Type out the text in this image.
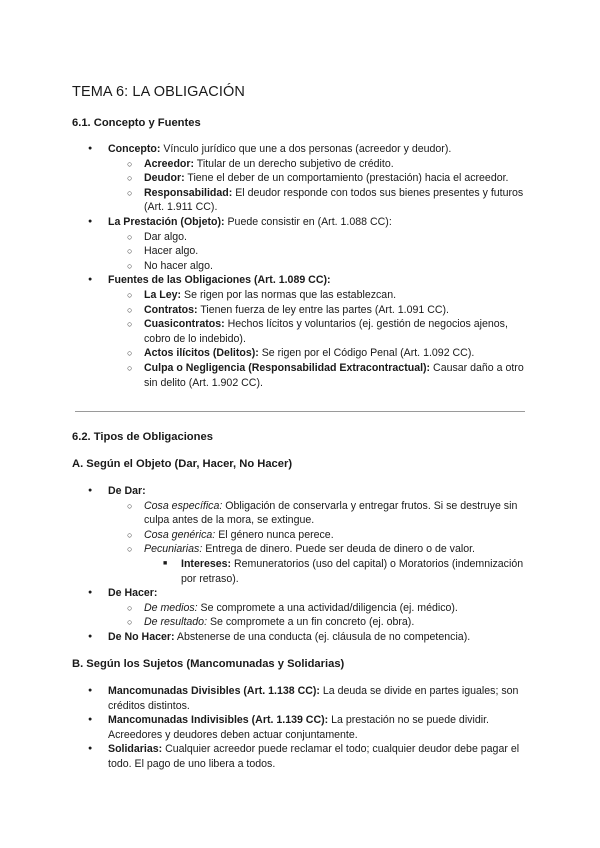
TEMA 6: LA OBLIGACIÓN
6.1. Concepto y Fuentes
● Concepto: Vínculo jurídico que une a dos personas (acreedor y deudor).
○ Acreedor: Titular de un derecho subjetivo de crédito.
○ Deudor: Tiene el deber de un comportamiento (prestación) hacia el acreedor.
○ Responsabilidad: El deudor responde con todos sus bienes presentes y futuros (Art. 1.911 CC).
● La Prestación (Objeto): Puede consistir en (Art. 1.088 CC):
○ Dar algo.
○ Hacer algo.
○ No hacer algo.
● Fuentes de las Obligaciones (Art. 1.089 CC):
○ La Ley: Se rigen por las normas que las establezcan.
○ Contratos: Tienen fuerza de ley entre las partes (Art. 1.091 CC).
○ Cuasicontratos: Hechos lícitos y voluntarios (ej. gestión de negocios ajenos, cobro de lo indebido).
○ Actos ilícitos (Delitos): Se rigen por el Código Penal (Art. 1.092 CC).
○ Culpa o Negligencia (Responsabilidad Extracontractual): Causar daño a otro sin delito (Art. 1.902 CC).
6.2. Tipos de Obligaciones
A. Según el Objeto (Dar, Hacer, No Hacer)
● De Dar:
○ Cosa específica: Obligación de conservarla y entregar frutos. Si se destruye sin culpa antes de la mora, se extingue.
○ Cosa genérica: El género nunca perece.
○ Pecuniarias: Entrega de dinero. Puede ser deuda de dinero o de valor.
■ Intereses: Remuneratorios (uso del capital) o Moratorios (indemnización por retraso).
● De Hacer:
○ De medios: Se compromete a una actividad/diligencia (ej. médico).
○ De resultado: Se compromete a un fin concreto (ej. obra).
● De No Hacer: Abstenerse de una conducta (ej. cláusula de no competencia).
B. Según los Sujetos (Mancomunadas y Solidarias)
● Mancomunadas Divisibles (Art. 1.138 CC): La deuda se divide en partes iguales; son créditos distintos.
● Mancomunadas Indivisibles (Art. 1.139 CC): La prestación no se puede dividir. Acreedores y deudores deben actuar conjuntamente.
● Solidarias: Cualquier acreedor puede reclamar el todo; cualquier deudor debe pagar el todo. El pago de uno libera a todos.
